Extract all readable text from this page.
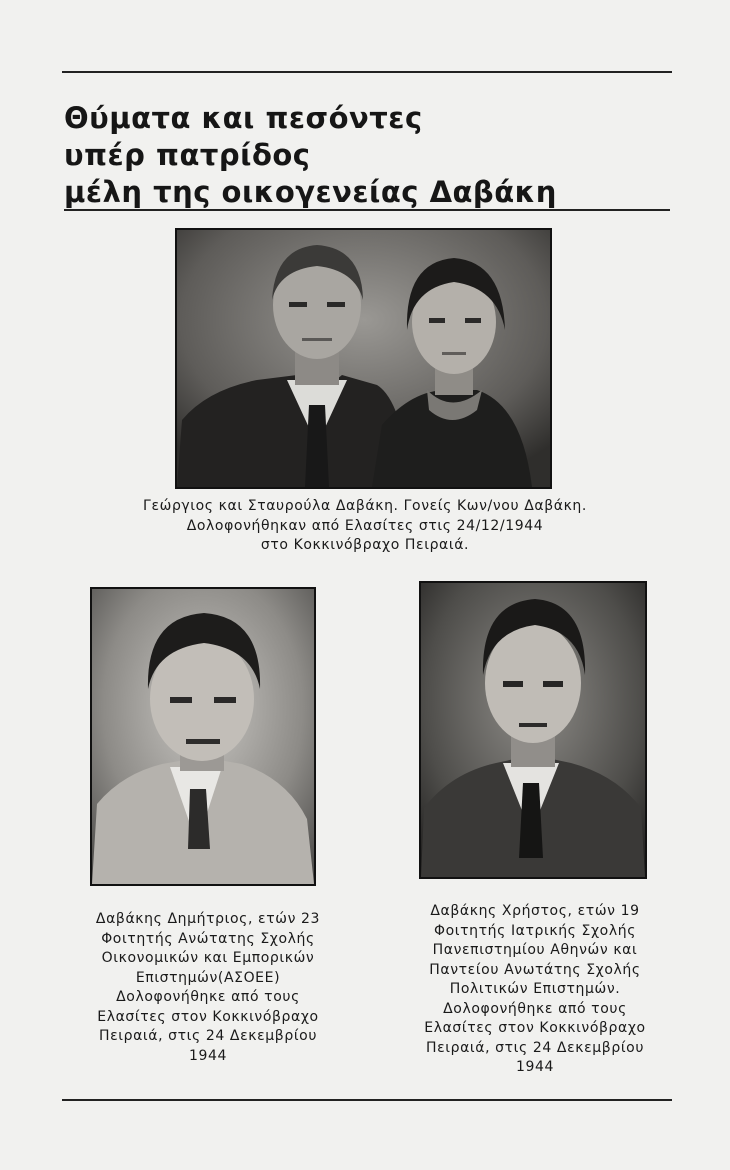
Θύματα και πεσόντες
υπέρ πατρίδος
μέλη της οικογενείας Δαβάκη

Γεώργιος και Σταυρούλα Δαβάκη. Γονείς Κων/νου Δαβάκη.
Δολοφονήθηκαν από Ελασίτες στις 24/12/1944
στο Κοκκινόβραχο Πειραιά.

Δαβάκης Δημήτριος, ετών 23
Φοιτητής Ανώτατης Σχολής
Οικονομικών και Εμπορικών
Επιστημών(ΑΣΟΕΕ)
Δολοφονήθηκε από τους
Ελασίτες στον Κοκκινόβραχο
Πειραιά, στις 24 Δεκεμβρίου
1944

Δαβάκης Χρήστος, ετών 19
Φοιτητής Ιατρικής Σχολής
Πανεπιστημίου Αθηνών και
Παντείου Ανωτάτης Σχολής
Πολιτικών Επιστημών.
Δολοφονήθηκε από τους
Ελασίτες στον Κοκκινόβραχο
Πειραιά, στις 24 Δεκεμβρίου
1944
